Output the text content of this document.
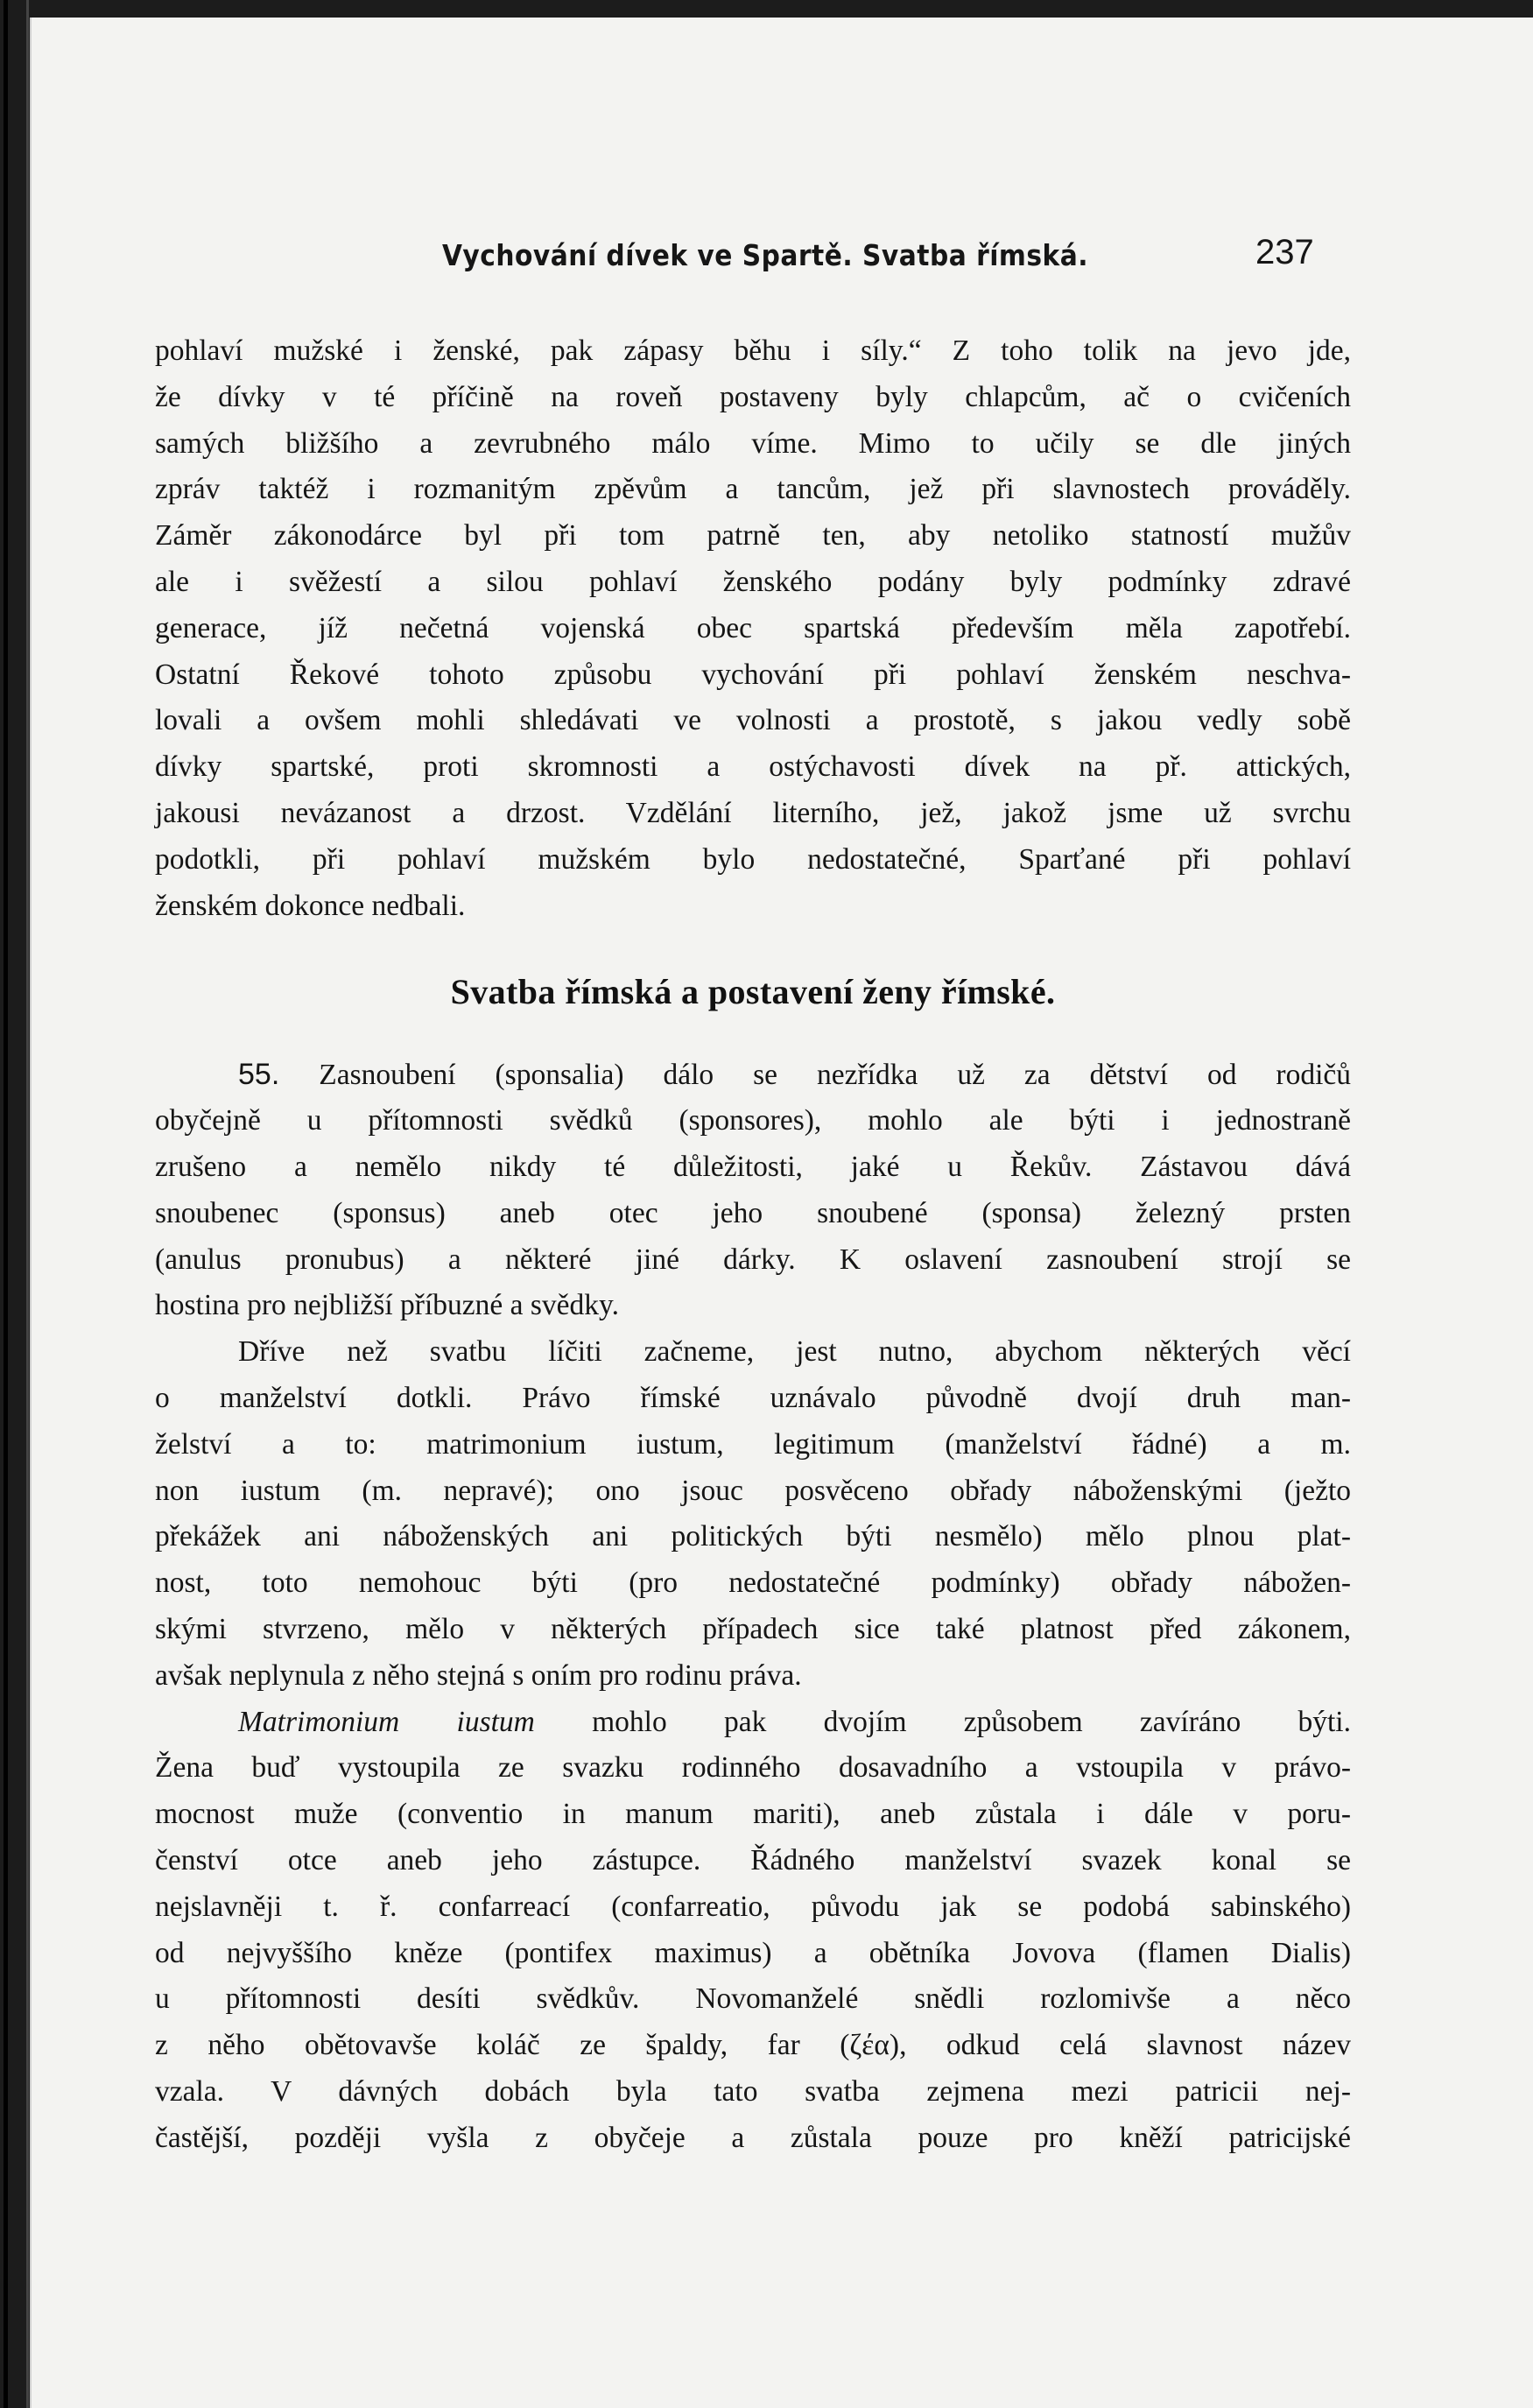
Vychování dívek ve Spartě. Svatba římská.	237
pohlaví mužské i ženské, pak zápasy běhu i síly.“ Z toho tolik na jevo jde,
že dívky v té příčině na roveň postaveny byly chlapcům, ač o cvičeních
samých bližšího a zevrubného málo víme. Mimo to učily se dle jiných
zpráv taktéž i rozmanitým zpěvům a tancům, jež při slavnostech prováděly.
Záměr zákonodárce byl při tom patrně ten, aby netoliko statností mužův
ale i svěžestí a silou pohlaví ženského podány byly podmínky zdravé
generace, jíž nečetná vojenská obec spartská především měla zapotřebí.
Ostatní Řekové tohoto způsobu vychování při pohlaví ženském neschva-
lovali a ovšem mohli shledávati ve volnosti a prostotě, s jakou vedly sobě
dívky spartské, proti skromnosti a ostýchavosti dívek na př. attických,
jakousi nevázanost a drzost. Vzdělání literního, jež, jakož jsme už svrchu
podotkli, při pohlaví mužském bylo nedostatečné, Sparťané při pohlaví
ženském dokonce nedbali.
Svatba římská a postavení ženy římské.
55. Zasnoubení (sponsalia) dálo se nezřídka už za dětství od rodičů
obyčejně u přítomnosti svědků (sponsores), mohlo ale býti i jednostraně
zrušeno a nemělo nikdy té důležitosti, jaké u Řekův. Zástavou dává
snoubenec (sponsus) aneb otec jeho snoubené (sponsa) železný prsten
(anulus pronubus) a některé jiné dárky. K oslavení zasnoubení strojí se
hostina pro nejbližší příbuzné a svědky.
Dříve než svatbu líčiti začneme, jest nutno, abychom některých věcí
o manželství dotkli. Právo římské uznávalo původně dvojí druh man-
želství a to: matrimonium iustum, legitimum (manželství řádné) a m.
non iustum (m. nepravé); ono jsouc posvěceno obřady náboženskými (ježto
překážek ani náboženských ani politických býti nesmělo) mělo plnou plat-
nost, toto nemohouc býti (pro nedostatečné podmínky) obřady nábožen-
skými stvrzeno, mělo v některých případech sice také platnost před zákonem,
avšak neplynula z něho stejná s oním pro rodinu práva.
Matrimonium iustum mohlo pak dvojím způsobem zavíráno býti.
Žena buď vystoupila ze svazku rodinného dosavadního a vstoupila v právo-
mocnost muže (conventio in manum mariti), aneb zůstala i dále v poru-
čenství otce aneb jeho zástupce. Řádného manželství svazek konal se
nejslavněji t. ř. confarreací (confarreatio, původu jak se podobá sabinského)
od nejvyššího kněze (pontifex maximus) a obětníka Jovova (flamen Dialis)
u přítomnosti desíti svědkův. Novomanželé snědli rozlomivše a něco
z něho obětovavše koláč ze špaldy, far (ζέα), odkud celá slavnost název
vzala. V dávných dobách byla tato svatba zejmena mezi patricii nej-
častější, později vyšla z obyčeje a zůstala pouze pro kněží patricijské
